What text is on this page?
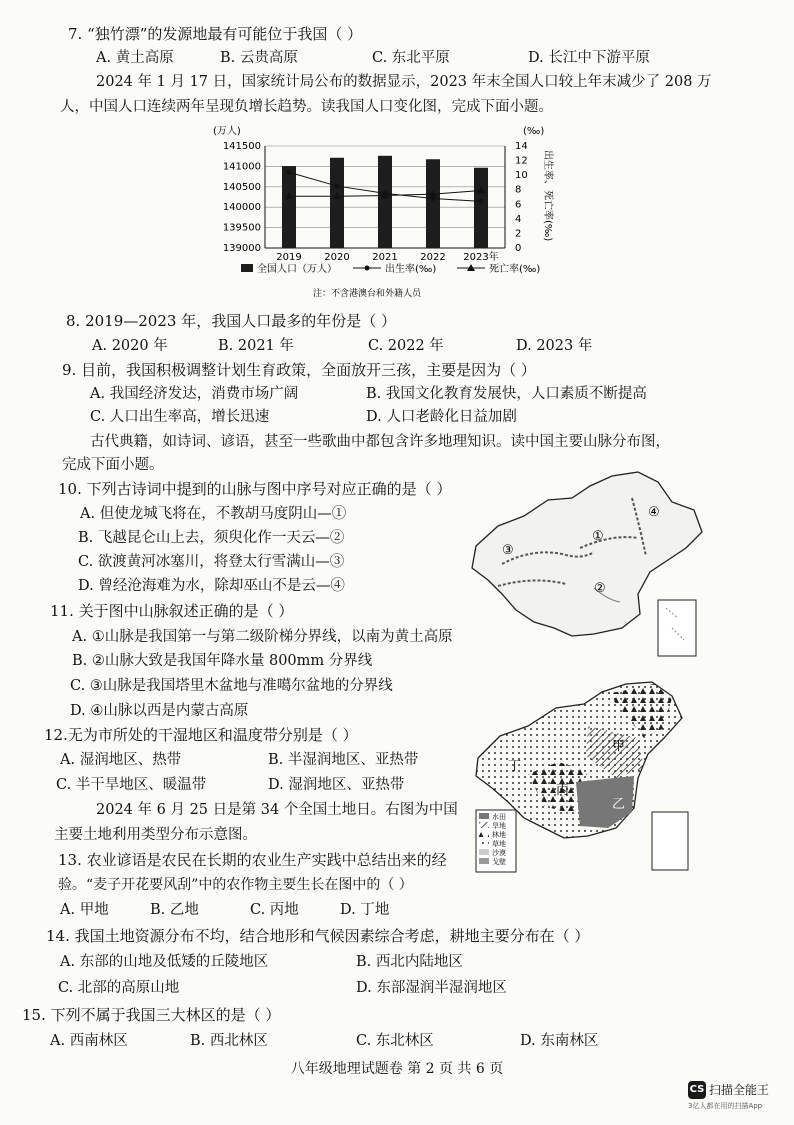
7. “独竹漂”的发源地最有可能位于我国（ ）
A. 黄土高原	B. 云贵高原	C. 东北平原	D. 长江中下游平原
2024 年 1 月 17 日，国家统计局公布的数据显示，2023 年末全国人口较上年末减少了 208 万
人，中国人口连续两年呈现负增长趋势。读我国人口变化图，完成下面小题。
(万人)	(‰)
141500
141000
140500
140000
139500
139000
14
12
10
8
6
4
2
0
2019 2020 2021 2022 2023年
出生率、死亡率(‰)
全国人口（万人）	出生率(‰)	死亡率(‰)
注：不含港澳台和外籍人员
8. 2019—2023 年，我国人口最多的年份是（ ）
A. 2020 年	B. 2021 年	C. 2022 年	D. 2023 年
9. 目前，我国积极调整计划生育政策，全面放开三孩，主要是因为（ ）
A. 我国经济发达，消费市场广阔	B. 我国文化教育发展快，人口素质不断提高
C. 人口出生率高，增长迅速	D. 人口老龄化日益加剧
古代典籍，如诗词、谚语，甚至一些歌曲中都包含许多地理知识。读中国主要山脉分布图，
完成下面小题。
10. 下列古诗词中提到的山脉与图中序号对应正确的是（ ）
A. 但使龙城飞将在，不教胡马度阴山—①
B. 飞越昆仑山上去，须臾化作一天云—②
C. 欲渡黄河冰塞川，将登太行雪满山—③
D. 曾经沧海难为水，除却巫山不是云—④
11. 关于图中山脉叙述正确的是（ ）
A. ①山脉是我国第一与第二级阶梯分界线，以南为黄土高原
B. ②山脉大致是我国年降水量 800mm 分界线
C. ③山脉是我国塔里木盆地与准噶尔盆地的分界线
D. ④山脉以西是内蒙古高原
①
②
③
④
12.无为市所处的干湿地区和温度带分别是（ ）
A. 湿润地区、热带	B. 半湿润地区、亚热带
C. 半干旱地区、暖温带	D. 湿润地区、亚热带
2024 年 6 月 25 日是第 34 个全国土地日。右图为中国
主要土地利用类型分布示意图。
甲
乙
丙
丁
水田
旱地
林地
草地
沙漠
戈壁
13. 农业谚语是农民在长期的农业生产实践中总结出来的经
验。“麦子开花要风刮”中的农作物主要生长在图中的（ ）
A. 甲地	B. 乙地	C. 丙地	D. 丁地
14. 我国土地资源分布不均，结合地形和气候因素综合考虑，耕地主要分布在（ ）
A. 东部的山地及低矮的丘陵地区	B. 西北内陆地区
C. 北部的高原山地	D. 东部湿润半湿润地区
15. 下列不属于我国三大林区的是（ ）
A. 西南林区	B. 西北林区	C. 东北林区	D. 东南林区
八年级地理试题卷 第 2 页 共 6 页
CS 扫描全能王
3亿人都在用的扫描App
